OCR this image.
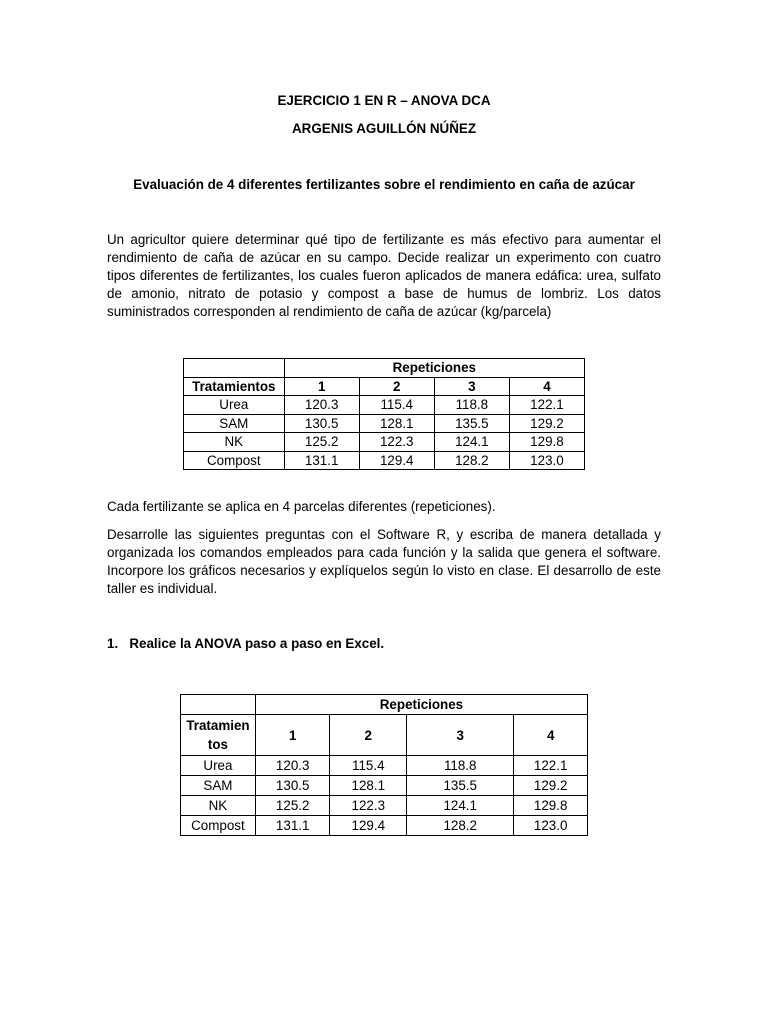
EJERCICIO 1 EN R – ANOVA DCA
ARGENIS AGUILLÓN NÚÑEZ
Evaluación de 4 diferentes fertilizantes sobre el rendimiento en caña de azúcar

Un agricultor quiere determinar qué tipo de fertilizante es más efectivo para aumentar el rendimiento de caña de azúcar en su campo. Decide realizar un experimento con cuatro tipos diferentes de fertilizantes, los cuales fueron aplicados de manera edáfica: urea, sulfato de amonio, nitrato de potasio y compost a base de humus de lombriz. Los datos suministrados corresponden al rendimiento de caña de azúcar (kg/parcela)

	Repeticiones			
Tratamientos	1	2	3	4
Urea	120.3	115.4	118.8	122.1
SAM	130.5	128.1	135.5	129.2
NK	125.2	122.3	124.1	129.8
Compost	131.1	129.4	128.2	123.0

Cada fertilizante se aplica en 4 parcelas diferentes (repeticiones).

Desarrolle las siguientes preguntas con el Software R, y escriba de manera detallada y organizada los comandos empleados para cada función y la salida que genera el software. Incorpore los gráficos necesarios y explíquelos según lo visto en clase. El desarrollo de este taller es individual.

1. Realice la ANOVA paso a paso en Excel.

	Repeticiones			
Tratamien
tos	1	2	3	4
Urea	120.3	115.4	118.8	122.1
SAM	130.5	128.1	135.5	129.2
NK	125.2	122.3	124.1	129.8
Compost	131.1	129.4	128.2	123.0
